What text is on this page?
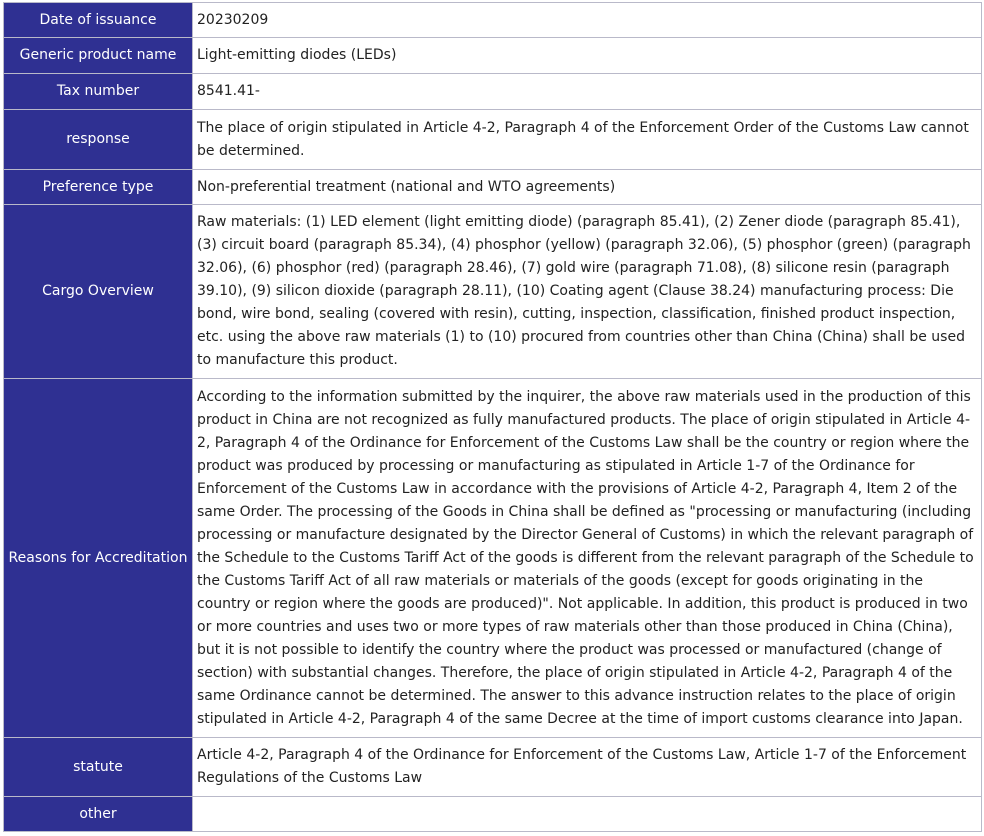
Date of issuance	20230209
Generic product name	Light-emitting diodes (LEDs)
Tax number	8541.41-
response	The place of origin stipulated in Article 4-2, Paragraph 4 of the Enforcement Order of the Customs Law cannot be determined.
Preference type	Non-preferential treatment (national and WTO agreements)
Cargo Overview	Raw materials: (1) LED element (light emitting diode) (paragraph 85.41), (2) Zener diode (paragraph 85.41), (3) circuit board (paragraph 85.34), (4) phosphor (yellow) (paragraph 32.06), (5) phosphor (green) (paragraph 32.06), (6) phosphor (red) (paragraph 28.46), (7) gold wire (paragraph 71.08), (8) silicone resin (paragraph 39.10), (9) silicon dioxide (paragraph 28.11), (10) Coating agent (Clause 38.24) manufacturing process: Die bond, wire bond, sealing (covered with resin), cutting, inspection, classification, finished product inspection, etc. using the above raw materials (1) to (10) procured from countries other than China (China) shall be used to manufacture this product.
Reasons for Accreditation	According to the information submitted by the inquirer, the above raw materials used in the production of this product in China are not recognized as fully manufactured products. The place of origin stipulated in Article 4-2, Paragraph 4 of the Ordinance for Enforcement of the Customs Law shall be the country or region where the product was produced by processing or manufacturing as stipulated in Article 1-7 of the Ordinance for Enforcement of the Customs Law in accordance with the provisions of Article 4-2, Paragraph 4, Item 2 of the same Order. The processing of the Goods in China shall be defined as "processing or manufacturing (including processing or manufacture designated by the Director General of Customs) in which the relevant paragraph of the Schedule to the Customs Tariff Act of the goods is different from the relevant paragraph of the Schedule to the Customs Tariff Act of all raw materials or materials of the goods (except for goods originating in the country or region where the goods are produced)". Not applicable. In addition, this product is produced in two or more countries and uses two or more types of raw materials other than those produced in China (China), but it is not possible to identify the country where the product was processed or manufactured (change of section) with substantial changes. Therefore, the place of origin stipulated in Article 4-2, Paragraph 4 of the same Ordinance cannot be determined. The answer to this advance instruction relates to the place of origin stipulated in Article 4-2, Paragraph 4 of the same Decree at the time of import customs clearance into Japan.
statute	Article 4-2, Paragraph 4 of the Ordinance for Enforcement of the Customs Law, Article 1-7 of the Enforcement Regulations of the Customs Law
other	
